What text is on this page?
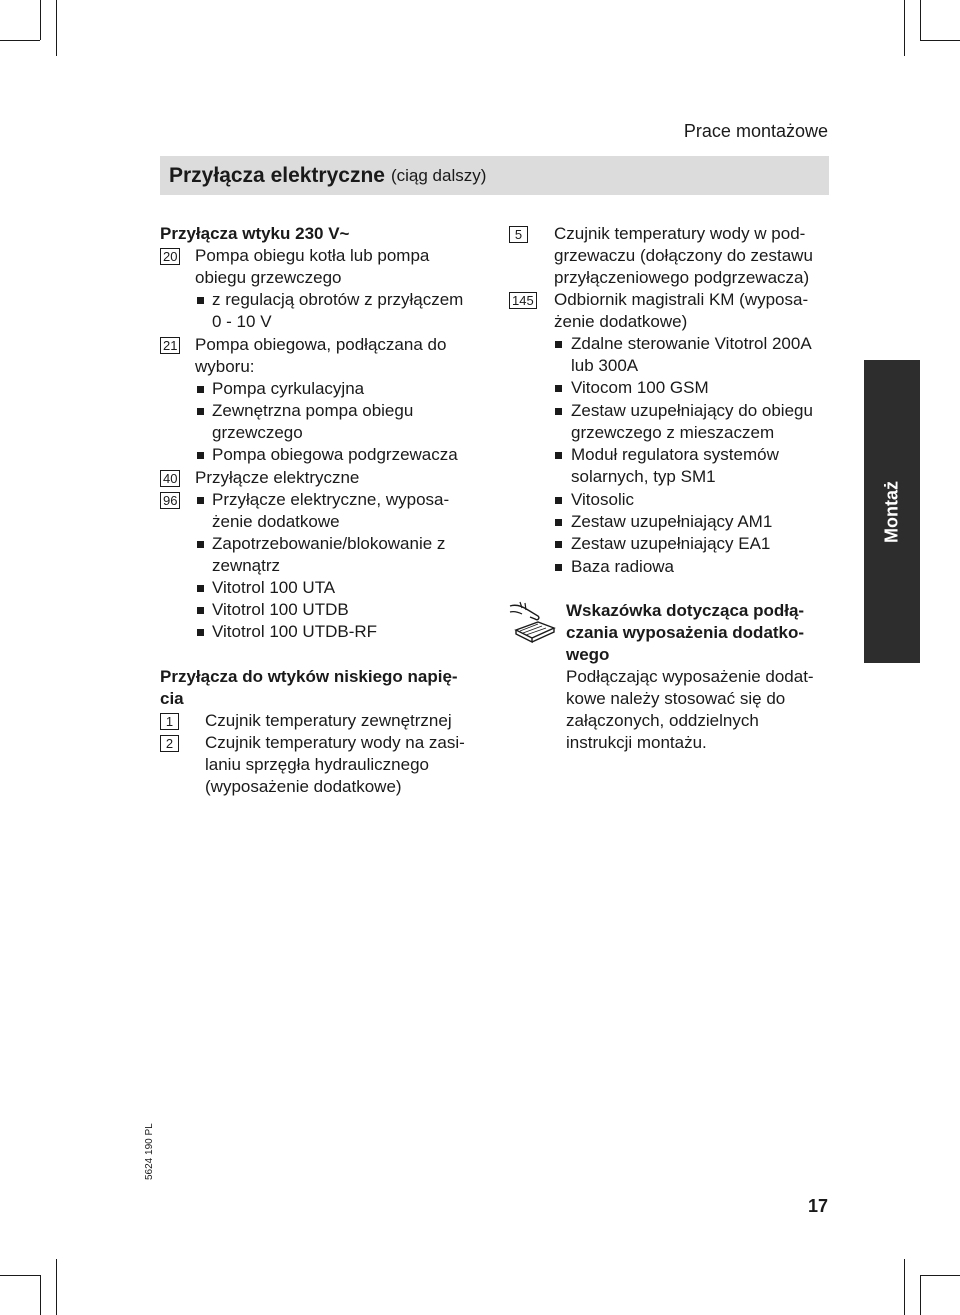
Prace montażowe
Przyłącza elektryczne (ciąg dalszy)
Przyłącza wtyku 230 V~
20 Pompa obiegu kotła lub pompa
obiegu grzewczego
z regulacją obrotów z przyłączem
0 - 10 V
21 Pompa obiegowa, podłączana do
wyboru:
Pompa cyrkulacyjna
Zewnętrzna pompa obiegu
grzewczego
Pompa obiegowa podgrzewacza
40 Przyłącze elektryczne
96 Przyłącze elektryczne, wyposa-
żenie dodatkowe
Zapotrzebowanie/blokowanie z
zewnątrz
Vitotrol 100 UTA
Vitotrol 100 UTDB
Vitotrol 100 UTDB-RF
Przyłącza do wtyków niskiego napię-
cia
1	Czujnik temperatury zewnętrznej
2	Czujnik temperatury wody na zasi-
laniu sprzęgła hydraulicznego
(wyposażenie dodatkowe)
5	Czujnik temperatury wody w pod-
grzewaczu (dołączony do zestawu
przyłączeniowego podgrzewacza)
145 Odbiornik magistrali KM (wyposa-
żenie dodatkowe)
Zdalne sterowanie Vitotrol 200A
lub 300A
Vitocom 100 GSM
Zestaw uzupełniający do obiegu
grzewczego z mieszaczem
Moduł regulatora systemów
solarnych, typ SM1
Vitosolic
Zestaw uzupełniający AM1
Zestaw uzupełniający EA1
Baza radiowa
Wskazówka dotycząca podłą-
czania wyposażenia dodatko-
wego
Podłączając wyposażenie dodat-
kowe należy stosować się do
załączonych, oddzielnych
instrukcji montażu.
Montaż
5624 190 PL
17
